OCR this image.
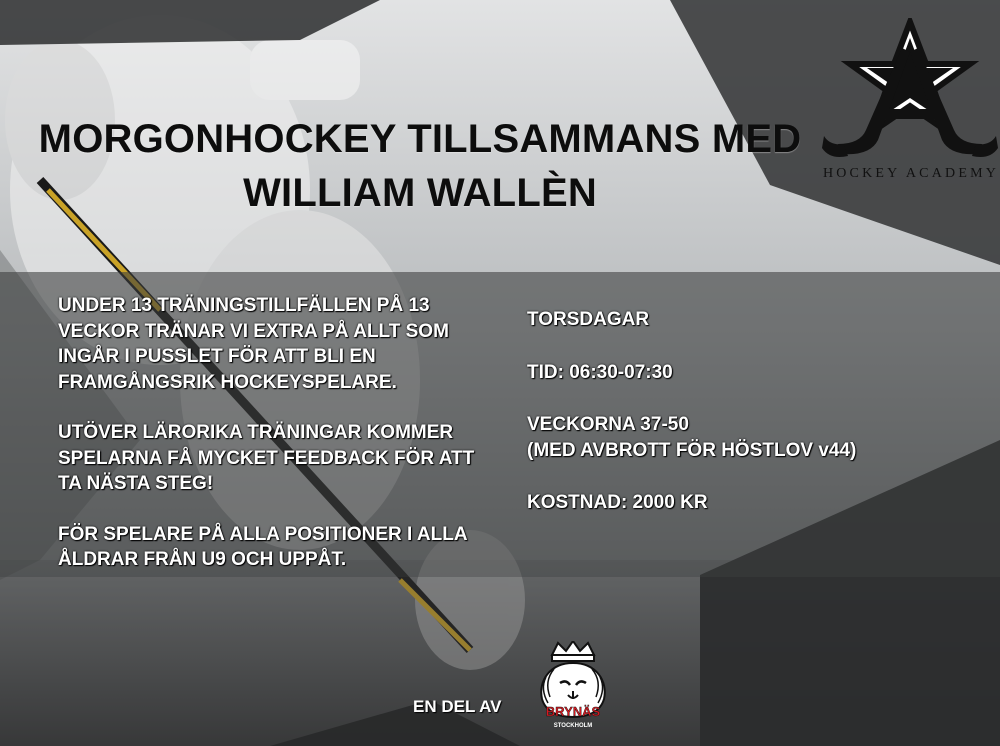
MORGONHOCKEY TILLSAMMANS MED
WILLIAM WALLÈN	HOCKEY ACADEMY

UNDER 13 TRÄNINGSTILLFÄLLEN PÅ 13 VECKOR TRÄNAR VI EXTRA PÅ ALLT SOM INGÅR I PUSSLET FÖR ATT BLI EN FRAMGÅNGSRIK HOCKEYSPELARE.

UTÖVER LÄRORIKA TRÄNINGAR KOMMER SPELARNA FÅ MYCKET FEEDBACK FÖR ATT TA NÄSTA STEG!

FÖR SPELARE PÅ ALLA POSITIONER I ALLA ÅLDRAR FRÅN U9 OCH UPPÅT.

TORSDAGAR

TID: 06:30-07:30

VECKORNA 37-50
(MED AVBROTT FÖR HÖSTLOV v44)

KOSTNAD: 2000 KR

EN DEL AV	BRYNÄS
STOCKHOLM
